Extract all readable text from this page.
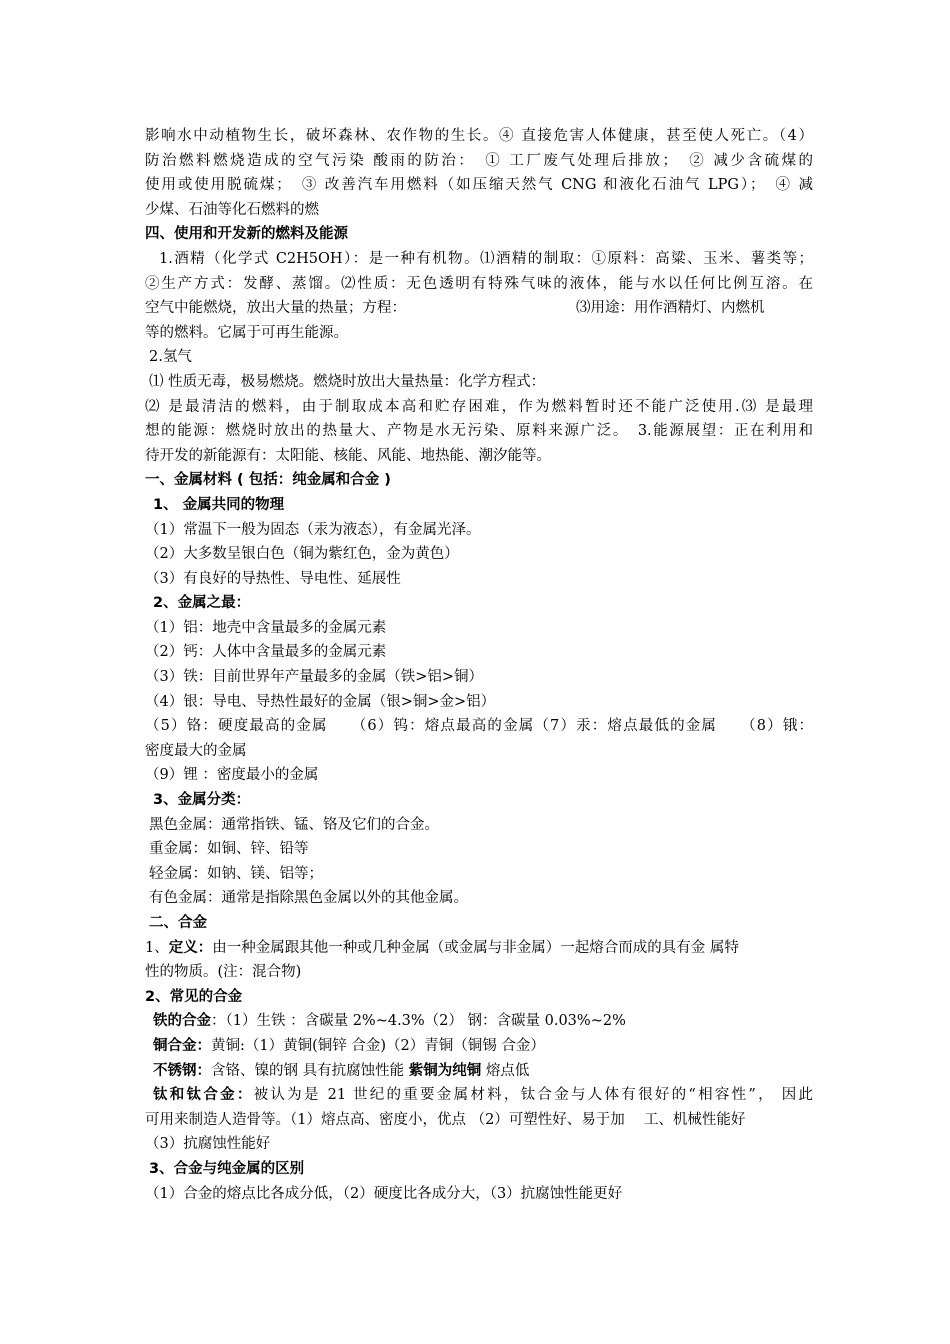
影响水中动植物生长，破坏森林、农作物的生长。④ 直接危害人体健康，甚至使人死亡。（4）
防治燃料燃烧造成的空气污染 酸雨的防治：　① 工厂废气处理后排放；　② 减少含硫煤的
使用或使用脱硫煤；　③ 改善汽车用燃料（如压缩天然气 CNG 和液化石油气 LPG）；　④ 减
少煤、石油等化石燃料的燃
四、使用和开发新的燃料及能源
1.酒精（化学式 C2H5OH）：是一种有机物。⑴酒精的制取：①原料：高粱、玉米、薯类等；
②生产方式：发酵、蒸馏。⑵性质：无色透明有特殊气味的液体，能与水以任何比例互溶。在
空气中能燃烧，放出大量的热量；方程：	⑶用途：用作酒精灯、内燃机
等的燃料。它属于可再生能源。
2.氢气
⑴ 性质无毒，极易燃烧。燃烧时放出大量热量：化学方程式：
⑵ 是最清洁的燃料，由于制取成本高和贮存困难，作为燃料暂时还不能广泛使用.⑶ 是最理
想的能源：燃烧时放出的热量大、产物是水无污染、原料来源广泛。　3.能源展望：正在利用和
待开发的新能源有：太阳能、核能、风能、地热能、潮汐能等。
一、金属材料 ( 包括：纯金属和合金 )
1、 金属共同的物理
（1）常温下一般为固态（汞为液态），有金属光泽。
（2）大多数呈银白色（铜为紫红色，金为黄色）
（3）有良好的导热性、导电性、延展性
2、金属之最：
（1）铝：地壳中含量最多的金属元素
（2）钙：人体中含量最多的金属元素
（3）铁：目前世界年产量最多的金属（铁>铝>铜）
（4）银：导电、导热性最好的金属（银>铜>金>铝）
（5）铬：硬度最高的金属　　（6）钨：熔点最高的金属（7）汞：熔点最低的金属　　（8）锇：
密度最大的金属
（9）锂 ：密度最小的金属
3、金属分类：
黑色金属：通常指铁、锰、铬及它们的合金。
重金属：如铜、锌、铅等
轻金属：如钠、镁、铝等；
有色金属：通常是指除黑色金属以外的其他金属。
二、合金
1、定义：由一种金属跟其他一种或几种金属（或金属与非金属）一起熔合而成的具有金 属特
性的物质。(注：混合物)
2、常见的合金
铁的合金：（1）生铁 ：含碳量 2%~4.3%（2） 钢：含碳量 0.03%~2%
铜合金：黄铜:（1）黄铜(铜锌 合金)（2）青铜（铜锡 合金）
不锈钢：含铬、镍的钢 具有抗腐蚀性能 紫铜为纯铜 熔点低
钛和钛合金：被认为是 21 世纪的重要金属材料，钛合金与人体有很好的“相容性”， 因此
可用来制造人造骨等。（1）熔点高、密度小，优点 （2）可塑性好、易于加　 工、机械性能好
（3）抗腐蚀性能好
3、合金与纯金属的区别
（1）合金的熔点比各成分低，（2）硬度比各成分大，（3）抗腐蚀性能更好
